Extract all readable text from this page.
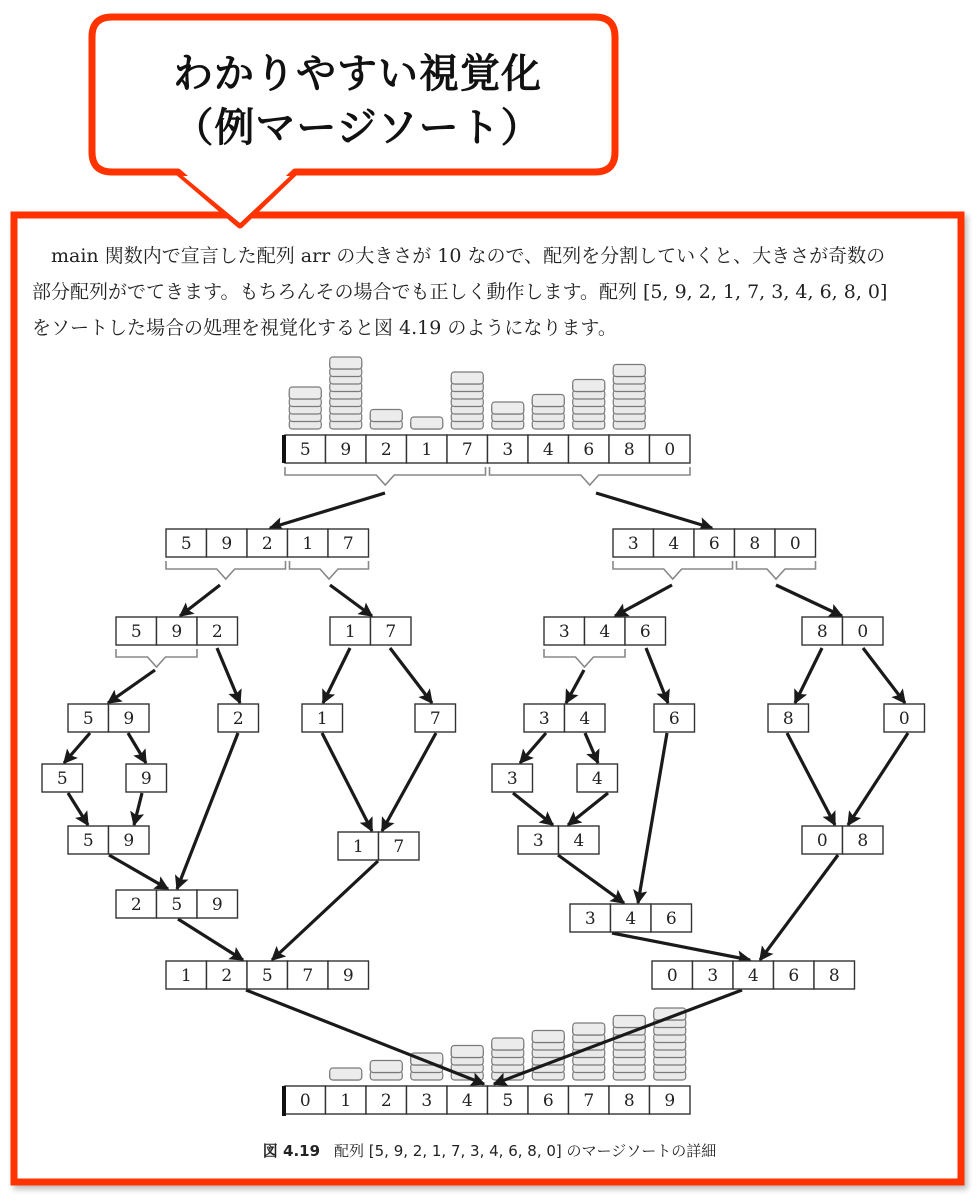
わかりやすい視覚化
（例マージソート）
　main 関数内で宣言した配列 arr の大きさが 10 なので、配列を分割していくと、大きさが奇数の
部分配列がでてきます。もちろんその場合でも正しく動作します。配列 [5, 9, 2, 1, 7, 3, 4, 6, 8, 0]
をソートした場合の処理を視覚化すると図 4.19 のようになります。
5 9 2 1 7 3 4 6 8 0
5 9 2 1 7	3 4 6 8 0
5 9 2	1 7	3 4 6	8 0
5 9	2	1	7	3 4	6	8	0
5	9	3	4
5 9	1 7	3 4	0 8
2 5 9
3 4 6
1 2 5 7 9	0 3 4 6 8
0 1 2 3 4 5 6 7 8 9
図 4.19 配列 [5, 9, 2, 1, 7, 3, 4, 6, 8, 0] のマージソートの詳細
